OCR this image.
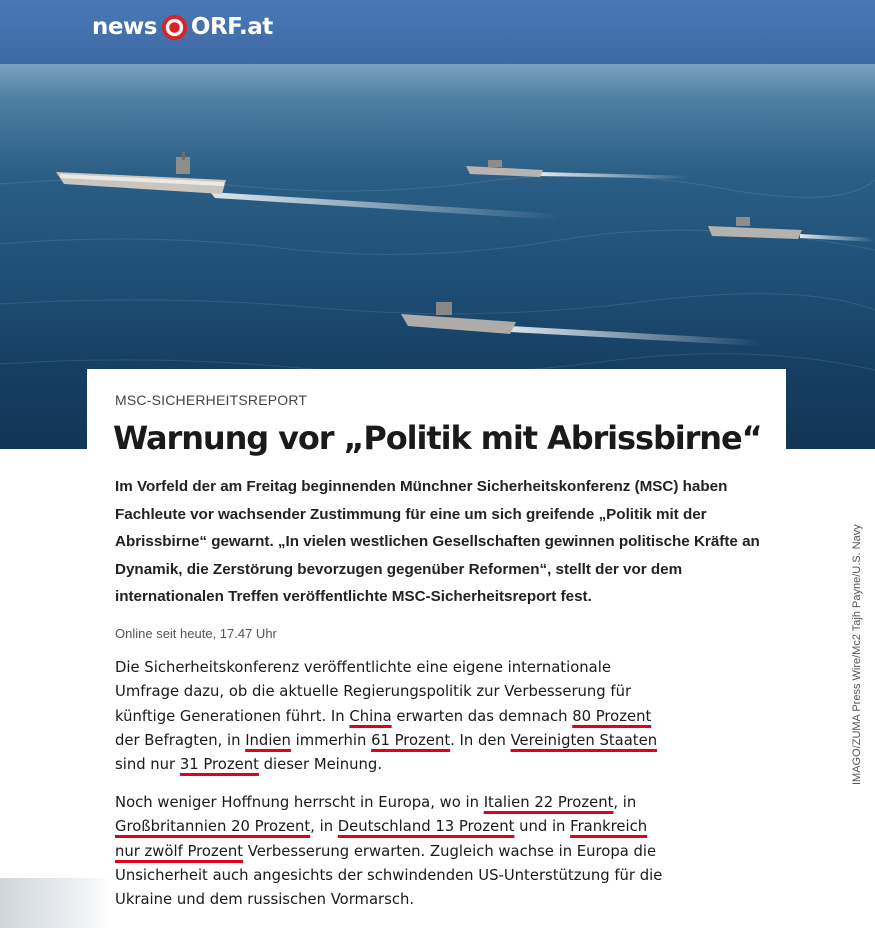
news ORF.at
IMAGO/ZUMA Press Wire/Mc2 Tajh Payne/U.S. Navy
MSC-SICHERHEITSREPORT
Warnung vor „Politik mit Abrissbirne“

Im Vorfeld der am Freitag beginnenden Münchner Sicherheitskonferenz (MSC) haben Fachleute vor wachsender Zustimmung für eine um sich greifende „Politik mit der Abrissbirne“ gewarnt. „In vielen westlichen Gesellschaften gewinnen politische Kräfte an Dynamik, die Zerstörung bevorzugen gegenüber Reformen“, stellt der vor dem internationalen Treffen veröffentlichte MSC-Sicherheitsreport fest.

Online seit heute, 17.47 Uhr

Die Sicherheitskonferenz veröffentlichte eine eigene internationale Umfrage dazu, ob die aktuelle Regierungspolitik zur Verbesserung für künftige Generationen führt. In China erwarten das demnach 80 Prozent der Befragten, in Indien immerhin 61 Prozent. In den Vereinigten Staaten sind nur 31 Prozent dieser Meinung.

Noch weniger Hoffnung herrscht in Europa, wo in Italien 22 Prozent, in Großbritannien 20 Prozent, in Deutschland 13 Prozent und in Frankreich nur zwölf Prozent Verbesserung erwarten. Zugleich wachse in Europa die Unsicherheit auch angesichts der schwindenden US-Unterstützung für die Ukraine und dem russischen Vormarsch.
